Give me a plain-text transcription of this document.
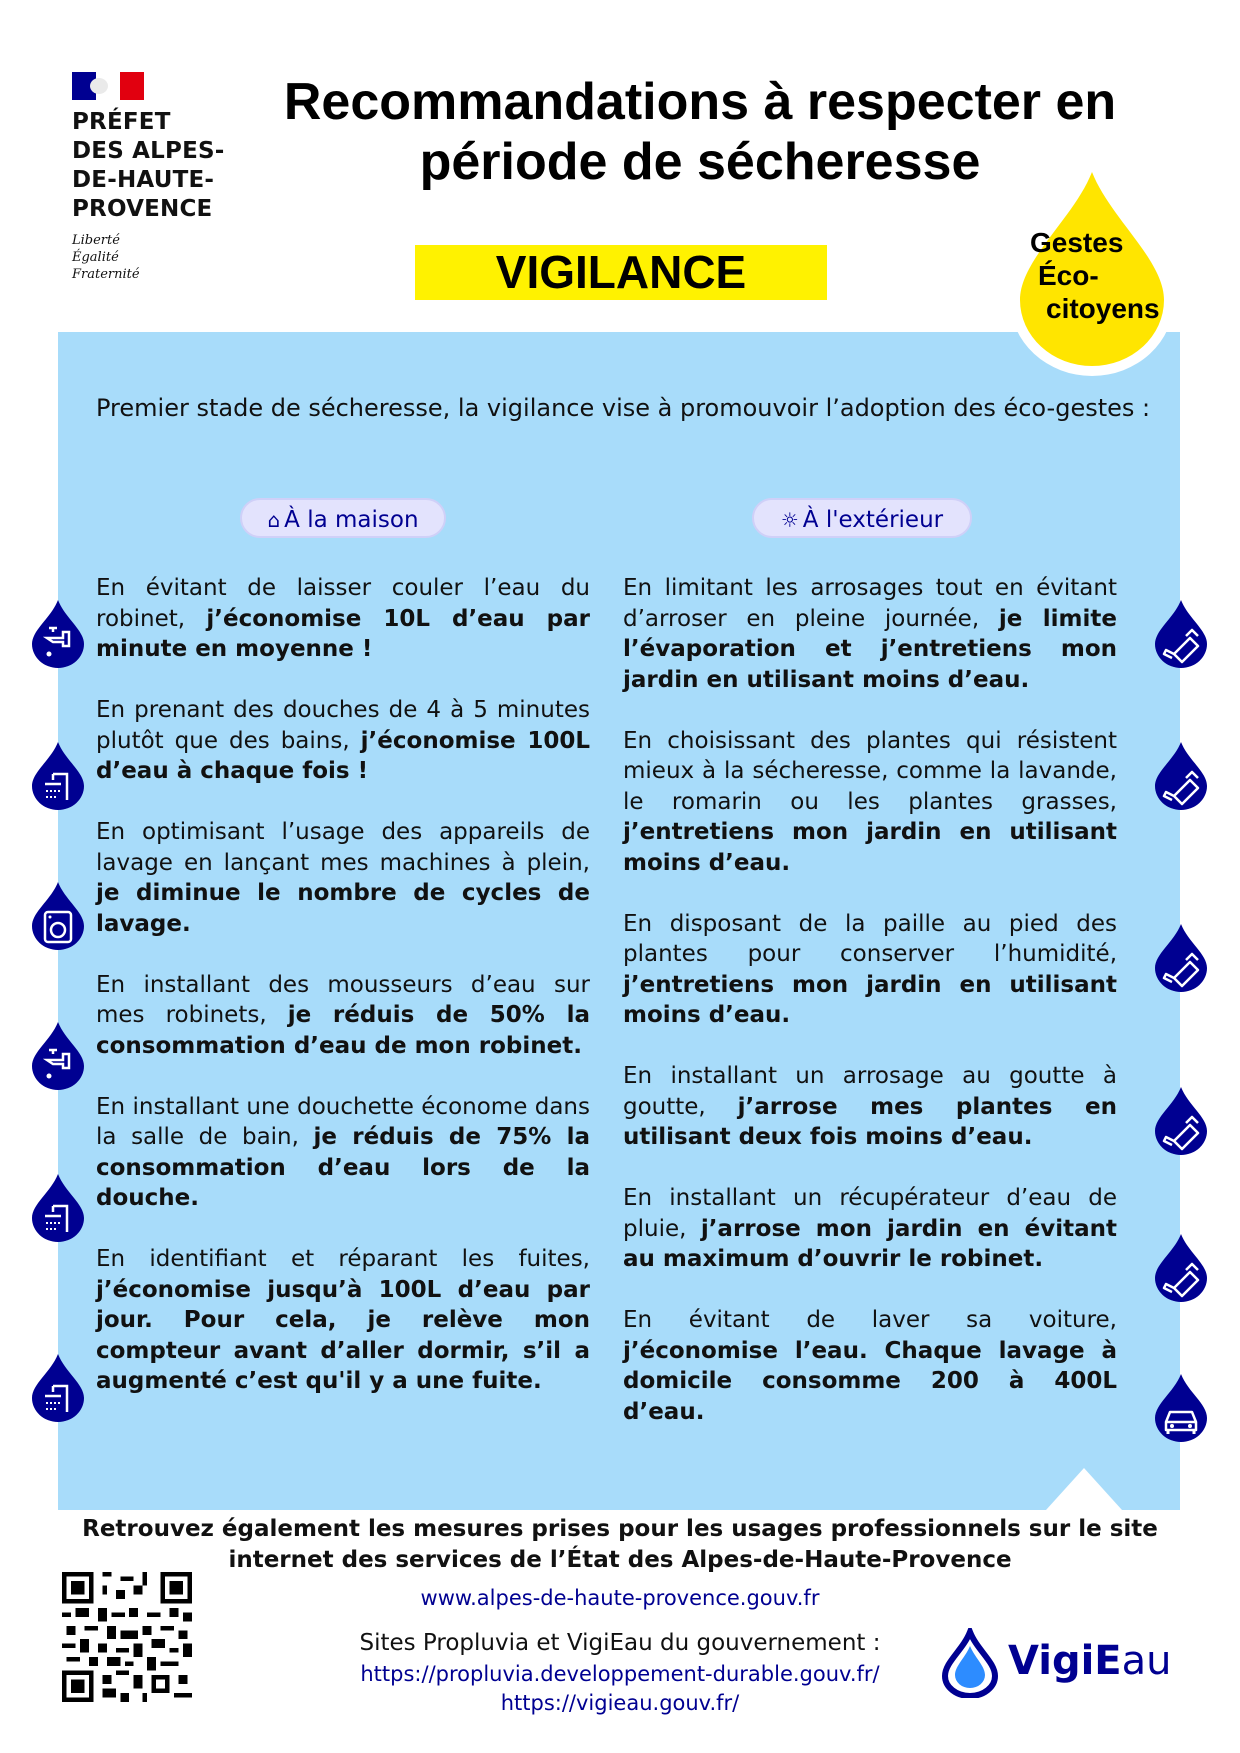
PRÉFET
DES ALPES-
DE-HAUTE-
PROVENCE
Liberté
Égalité
Fraternité
Recommandations à respecter en période de sécheresse
VIGILANCE
Gestes
Éco-
citoyens
Premier stade de sécheresse, la vigilance vise à promouvoir l’adoption des éco-gestes :
⌂ À la maison	☼ À l'extérieur

En évitant de laisser couler l’eau du robinet, j’économise 10L d’eau par minute en moyenne !

En prenant des douches de 4 à 5 minutes plutôt que des bains, j’économise 100L d’eau à chaque fois !

En optimisant l’usage des appareils de lavage en lançant mes machines à plein, je diminue le nombre de cycles de lavage.

En installant des mousseurs d’eau sur mes robinets, je réduis de 50% la consommation d’eau de mon robinet.

En installant une douchette économe dans la salle de bain, je réduis de 75% la consommation d’eau lors de la douche.

En identifiant et réparant les fuites, j’économise jusqu’à 100L d’eau par jour. Pour cela, je relève mon compteur avant d’aller dormir, s’il a augmenté c’est qu'il y a une fuite.

En limitant les arrosages tout en évitant d’arroser en pleine journée, je limite l’évaporation et j’entretiens mon jardin en utilisant moins d’eau.

En choisissant des plantes qui résistent mieux à la sécheresse, comme la lavande, le romarin ou les plantes grasses, j’entretiens mon jardin en utilisant moins d’eau.

En disposant de la paille au pied des plantes pour conserver l’humidité, j’entretiens mon jardin en utilisant moins d’eau.

En installant un arrosage au goutte à goutte, j’arrose mes plantes en utilisant deux fois moins d’eau.

En installant un récupérateur d’eau de pluie, j’arrose mon jardin en évitant au maximum d’ouvrir le robinet.

En évitant de laver sa voiture, j’économise l’eau. Chaque lavage à domicile consomme 200 à 400L d’eau.

Retrouvez également les mesures prises pour les usages professionnels sur le site
internet des services de l’État des Alpes-de-Haute-Provence
www.alpes-de-haute-provence.gouv.fr
Sites Propluvia et VigiEau du gouvernement :
https://propluvia.developpement-durable.gouv.fr/
https://vigieau.gouv.fr/
VigiEau
